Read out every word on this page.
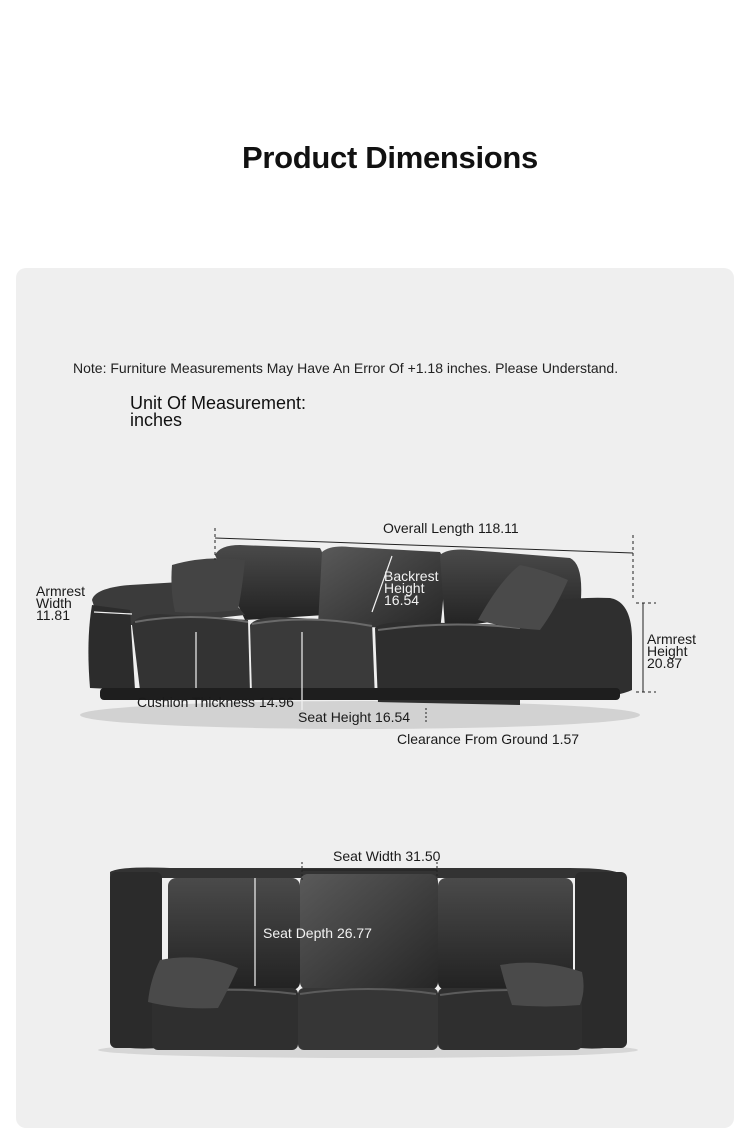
Product Dimensions
Note: Furniture Measurements May Have An Error Of +1.18 inches. Please Understand.
Unit Of Measurement:
inches
Overall Length 118.11
Armrest
Width
11.81
Backrest
Height
16.54
Armrest
Height
20.87
Cushion Thickness 14.96
Seat Height 16.54
Clearance From Ground 1.57
Seat Width 31.50
Seat Depth 26.77
